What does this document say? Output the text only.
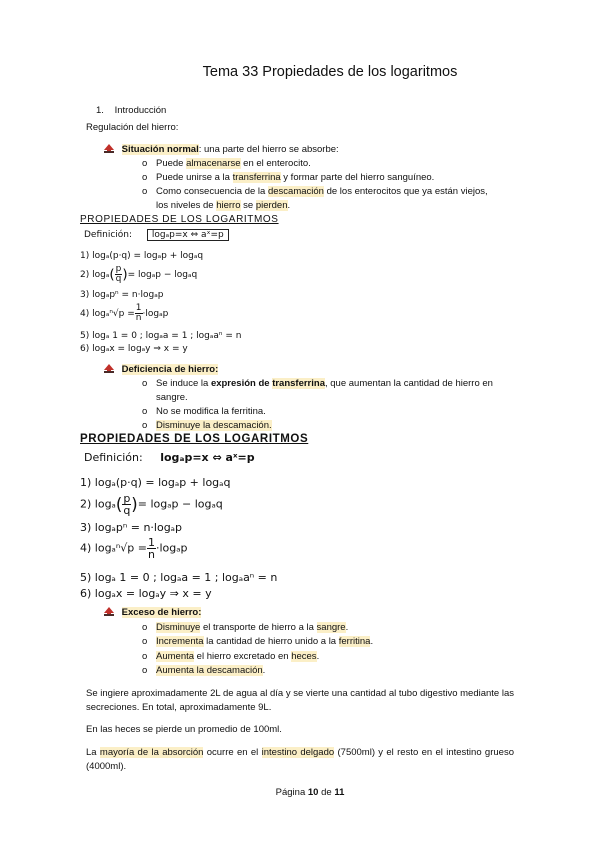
Tema 33 Propiedades de los logaritmos
1. Introducción
Regulación del hierro:
Situación normal: una parte del hierro se absorbe:
o Puede almacenarse en el enterocito.
o Puede unirse a la transferrina y formar parte del hierro sanguíneo.
o Como consecuencia de la descamación de los enterocitos que ya están viejos,
los niveles de hierro se pierden.
PROPIEDADES DE LOS LOGARITMOS
Definición: logₐp=x ⇔ aˣ=p
1) logₐ(p·q) = logₐp + logₐq
2) $\log_a( \frac{p}{q}$ )= logₐp − logₐq
3) logₐpⁿ = n·logₐp
4) $\log_a^n√p = \frac{1}{n} \cdot\log_ap$
5) logₐ 1 = 0 ; logₐa = 1 ; logₐaⁿ = n
6) logₐx = logₐy ⇒ x = y
Deficiencia de hierro:
o Se induce la expresión de transferrina, que aumentan la cantidad de hierro en
sangre.
o No se modifica la ferritina.
o Disminuye la descamación.
PROPIEDADES DE LOS LOGARITMOS
Definición: logₐp=x ⇔ aˣ=p
1) logₐ(p·q) = logₐp + logₐq
2) $\log_a( \frac{p}{q}$ )= logₐp − logₐq
3) logₐpⁿ = n·logₐp
4) $\log_a^n√p = \frac{1}{n} \cdot\log_ap$
5) logₐ 1 = 0 ; logₐa = 1 ; logₐaⁿ = n
6) logₐx = logₐy ⇒ x = y
Exceso de hierro:
o Disminuye el transporte de hierro a la sangre.
o Incrementa la cantidad de hierro unido a la ferritina.
o Aumenta el hierro excretado en heces.
o Aumenta la descamación.
Se ingiere aproximadamente 2L de agua al día y se vierte una cantidad al tubo digestivo mediante las secreciones. En total, aproximadamente 9L.
En las heces se pierde un promedio de 100ml.
La mayoría de la absorción ocurre en el intestino delgado (7500ml) y el resto en el intestino grueso (4000ml).
Página 10 de 11
